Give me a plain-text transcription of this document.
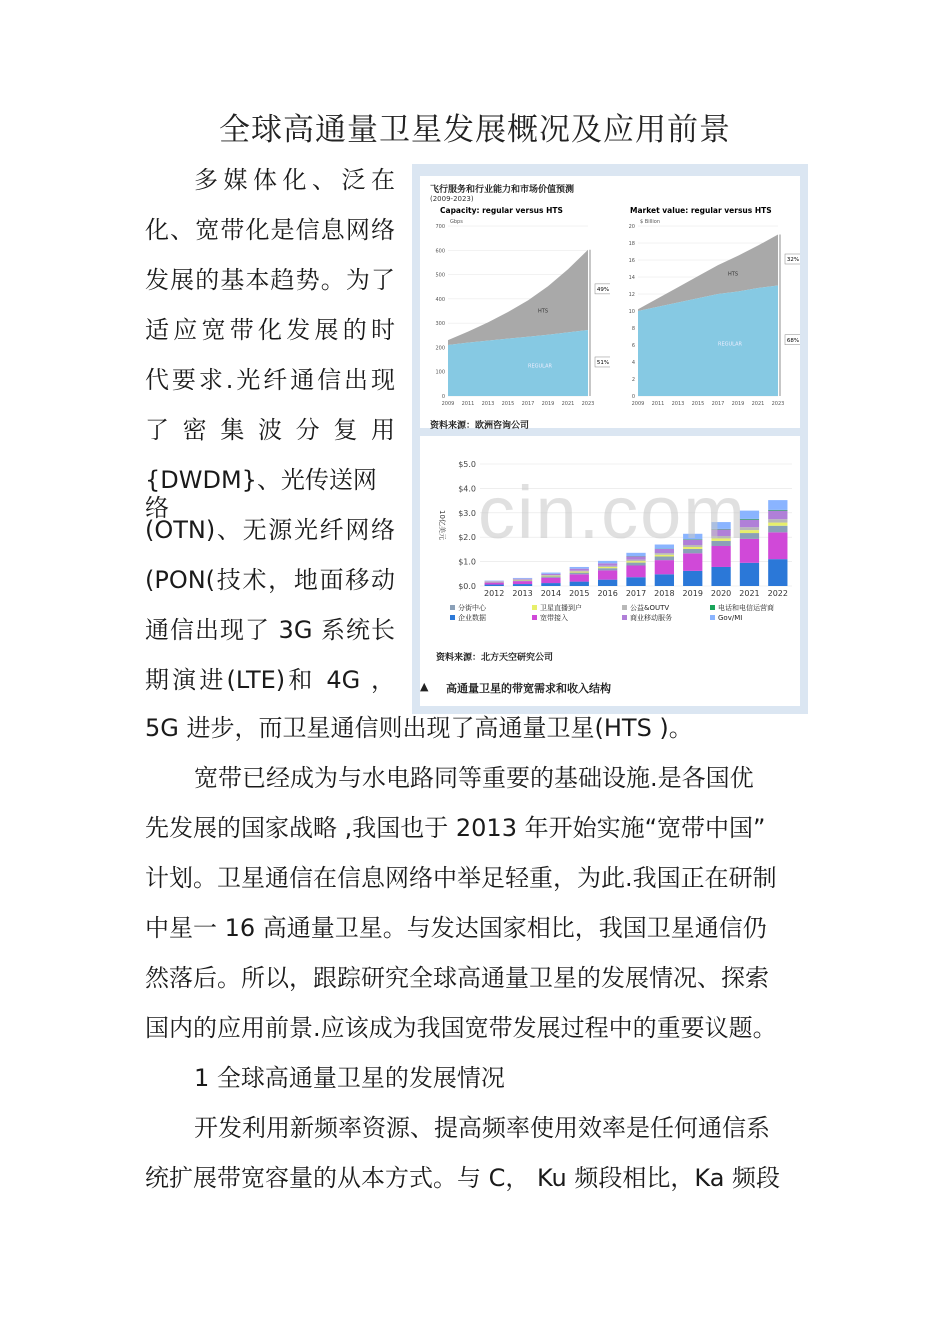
全球高通量卫星发展概况及应用前景
多媒体化、泛在
化、宽带化是信息网络
发展的基本趋势。为了
适应宽带化发展的时
代要求.光纤通信出现
了 密 集 波 分 复 用
{DWDM}、光传送网络
(OTN)、无源光纤网络
(PON(技术，地面移动
通信出现了 3G 系统长
期演进(LTE)和 4G ，
飞行服务和行业能力和市场价值预测
(2009-2023)
Capacity: regular versus HTS
Gbps
0
100
200
300
400
500
600
700
HTS
REGULAR
2009 2011 2013 2015 2017 2019 2021 2023
49%
51%
Market value: regular versus HTS
$ Billion
0
2
4
6
8
10
12
14
16
18
20
HTS
REGULAR
2009 2011 2013 2015 2017 2019 2021 2023
32%
68%
资料来源：欧洲咨询公司
$0.0
$1.0
$2.0
$3.0
$4.0
$5.0
10亿美元
2012 2013 2014 2015 2016 2017 2018 2019 2020 2021 2022
分街中心	卫星直播到户	公益&OUTV	电话和电信运营商
企业数据	宽带接入	商业移动服务	Gov/MI
资料来源：北方天空研究公司
▲ 高通量卫星的带宽需求和收入结构
cin.com
5G 进步，而卫星通信则出现了高通量卫星(HTS )。
宽带已经成为与水电路同等重要的基础设施.是各国优
先发展的国家战略 ,我国也于 2013 年开始实施“宽带中国”
计划。卫星通信在信息网络中举足轻重，为此.我国正在研制
中星一 16 高通量卫星。与发达国家相比，我国卫星通信仍
然落后。所以，跟踪研究全球高通量卫星的发展情况、探索
国内的应用前景.应该成为我国宽带发展过程中的重要议题。
1 全球高通量卫星的发展情况
开发利用新频率资源、提高频率使用效率是任何通信系
统扩展带宽容量的从本方式。与 C， Ku 频段相比，Ka 频段
